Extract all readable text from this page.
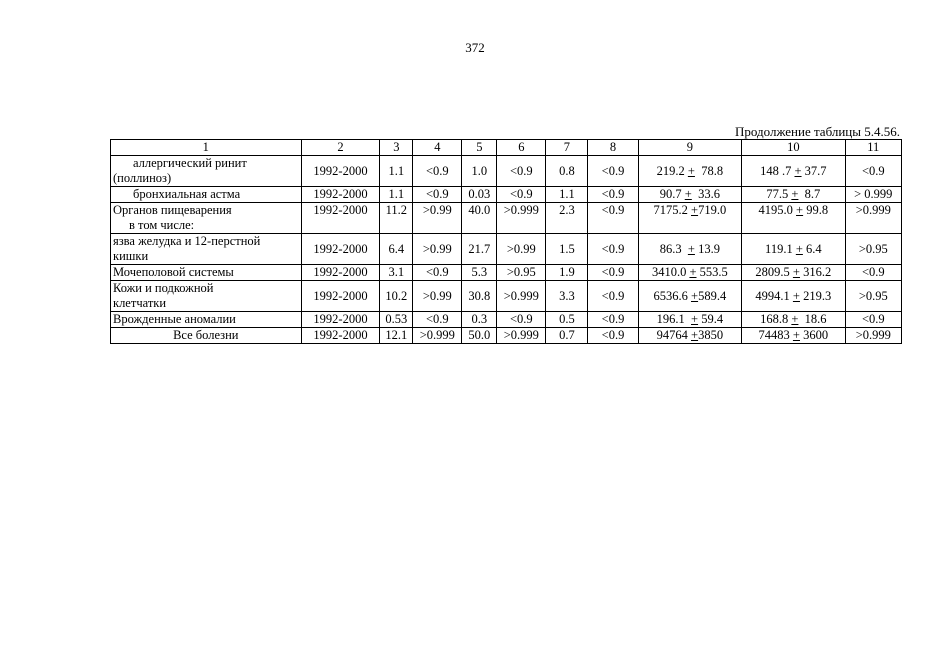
372
Продолжение таблицы 5.4.56.
1	2	3	4	5	6	7	8	9	10	11
аллергический ринит
(поллиноз)	1992-2000	1.1	<0.9	1.0	<0.9	0.8	<0.9	219.2 + 78.8	148 .7 + 37.7	<0.9
бронхиальная астма	1992-2000	1.1	<0.9	0.03	<0.9	1.1	<0.9	90.7 + 33.6	77.5 + 8.7	> 0.999
Органов пищеварения
в том числе:	1992-2000	11.2	>0.99	40.0	>0.999	2.3	<0.9	7175.2 +719.0	4195.0 + 99.8	>0.999
язва желудка и 12-перстной
кишки	1992-2000	6.4	>0.99	21.7	>0.99	1.5	<0.9	86.3 + 13.9	119.1 + 6.4	>0.95
Мочеполовой системы	1992-2000	3.1	<0.9	5.3	>0.95	1.9	<0.9	3410.0 + 553.5	2809.5 + 316.2	<0.9
Кожи и подкожной
клетчатки	1992-2000	10.2	>0.99	30.8	>0.999	3.3	<0.9	6536.6 +589.4	4994.1 + 219.3	>0.95
Врожденные аномалии	1992-2000	0.53	<0.9	0.3	<0.9	0.5	<0.9	196.1 + 59.4	168.8 + 18.6	<0.9
Все болезни	1992-2000	12.1	>0.999	50.0	>0.999	0.7	<0.9	94764 +3850	74483 + 3600	>0.999
